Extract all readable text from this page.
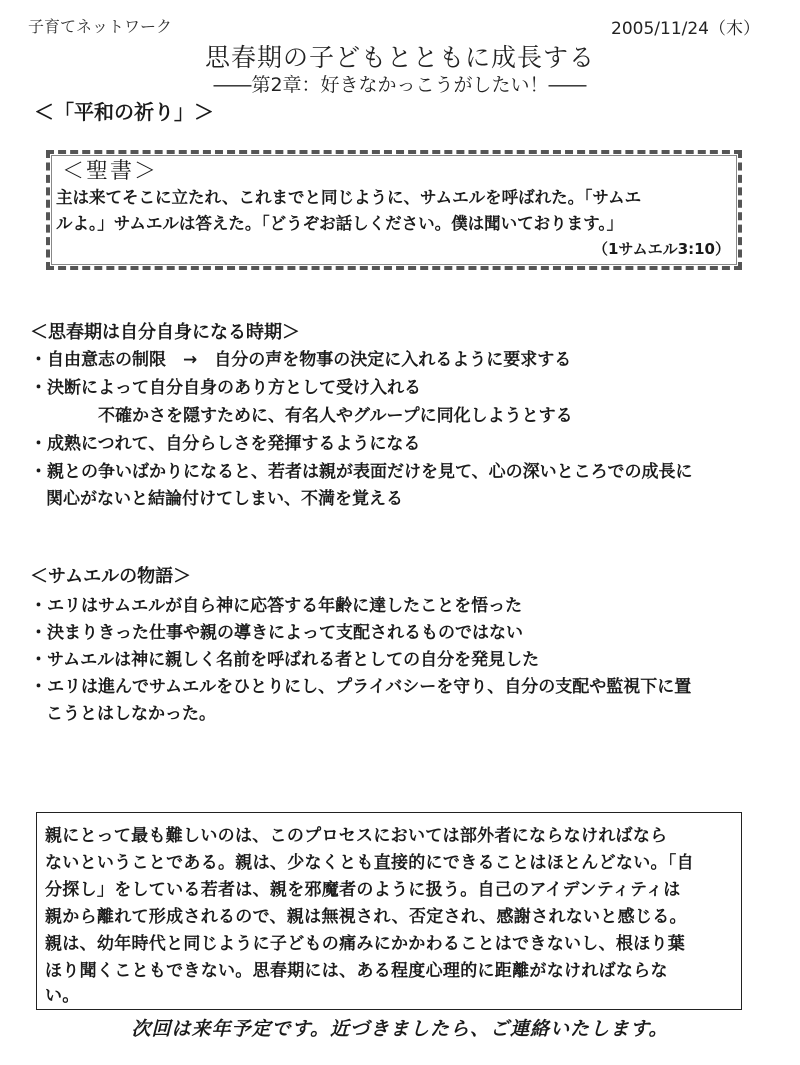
子育てネットワーク	2005/11/24（木）
思春期の子どもとともに成長する
――第2章：好きなかっこうがしたい！――
＜「平和の祈り」＞
＜聖書＞
主は来てそこに立たれ、これまでと同じように、サムエルを呼ばれた。「サムエ
ルよ。」サムエルは答えた。「どうぞお話しください。僕は聞いております。」
（1サムエル3:10）
＜思春期は自分自身になる時期＞
・自由意志の制限　→　自分の声を物事の決定に入れるように要求する
・決断によって自分自身のあり方として受け入れる
不確かさを隠すために、有名人やグループに同化しようとする
・成熟につれて、自分らしさを発揮するようになる
・親との争いばかりになると、若者は親が表面だけを見て、心の深いところでの成長に
関心がないと結論付けてしまい、不満を覚える
＜サムエルの物語＞
・エリはサムエルが自ら神に応答する年齢に達したことを悟った
・決まりきった仕事や親の導きによって支配されるものではない
・サムエルは神に親しく名前を呼ばれる者としての自分を発見した
・エリは進んでサムエルをひとりにし、プライバシーを守り、自分の支配や監視下に置
こうとはしなかった。
親にとって最も難しいのは、このプロセスにおいては部外者にならなければなら
ないということである。親は、少なくとも直接的にできることはほとんどない。「自
分探し」をしている若者は、親を邪魔者のように扱う。自己のアイデンティティは
親から離れて形成されるので、親は無視され、否定され、感謝されないと感じる。
親は、幼年時代と同じように子どもの痛みにかかわることはできないし、根ほり葉
ほり聞くこともできない。思春期には、ある程度心理的に距離がなければならな
い。
次回は来年予定です。近づきましたら、ご連絡いたします。
